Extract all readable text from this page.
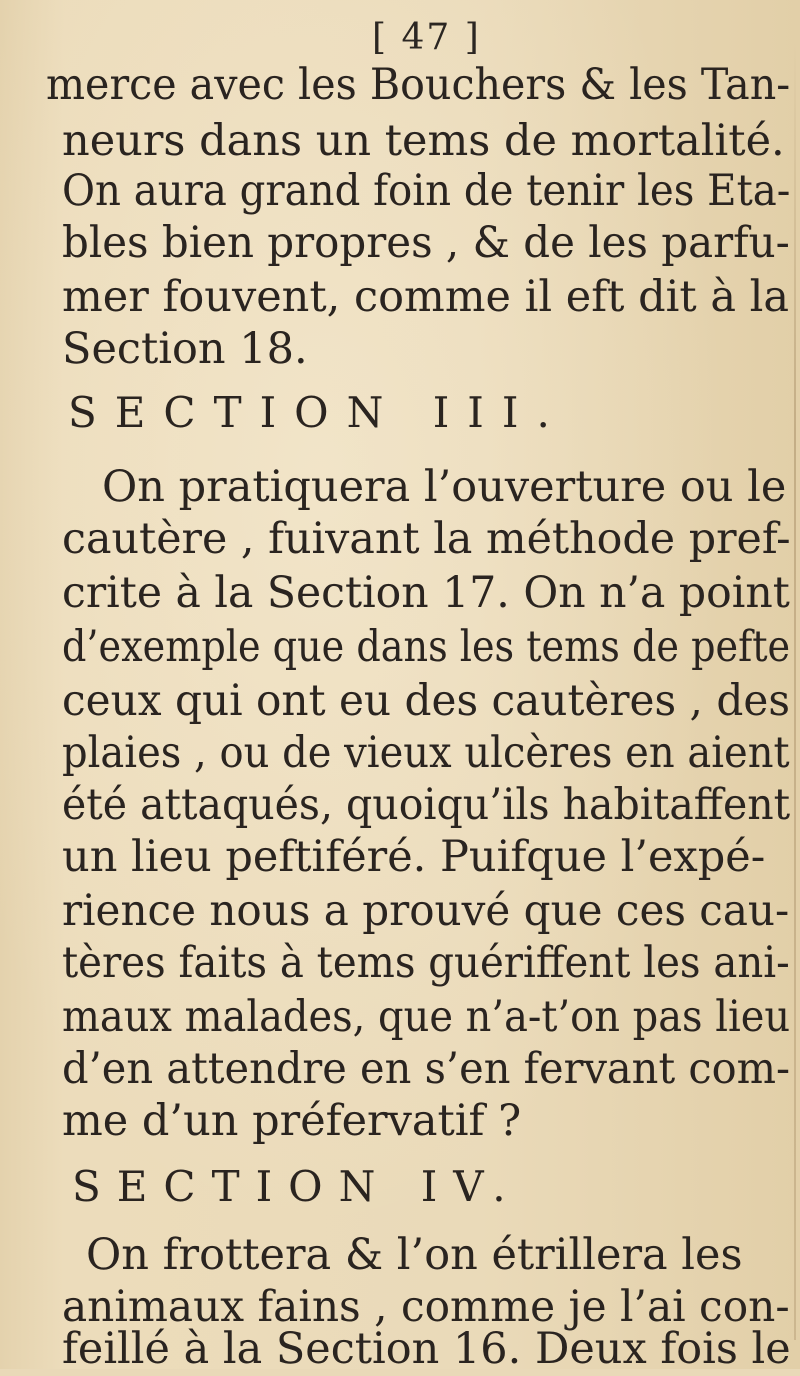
[ 47 ]
merce avec les Bouchers & les Tan-
neurs dans un tems de mortalité.
On aura grand foin de tenir les Eta-
bles bien propres , & de les parfu-
mer fouvent, comme il eft dit à la
Section 18.
SECTION III.
On pratiquera l’ouverture ou le
cautère , fuivant la méthode pref-
crite à la Section 17. On n’a point
d’exemple que dans les tems de pefte
ceux qui ont eu des cautères , des
plaies , ou de vieux ulcères en aient
été attaqués, quoiqu’ils habitaffent
un lieu peftiféré. Puifque l’expé-
rience nous a prouvé que ces cau-
tères faits à tems guériffent les ani-
maux malades, que n’a-t’on pas lieu
d’en attendre en s’en fervant com-
me d’un préfervatif ?
SECTION IV.
On frottera & l’on étrillera les
animaux fains , comme je l’ai con-
feillé à la Section 16. Deux fois le
